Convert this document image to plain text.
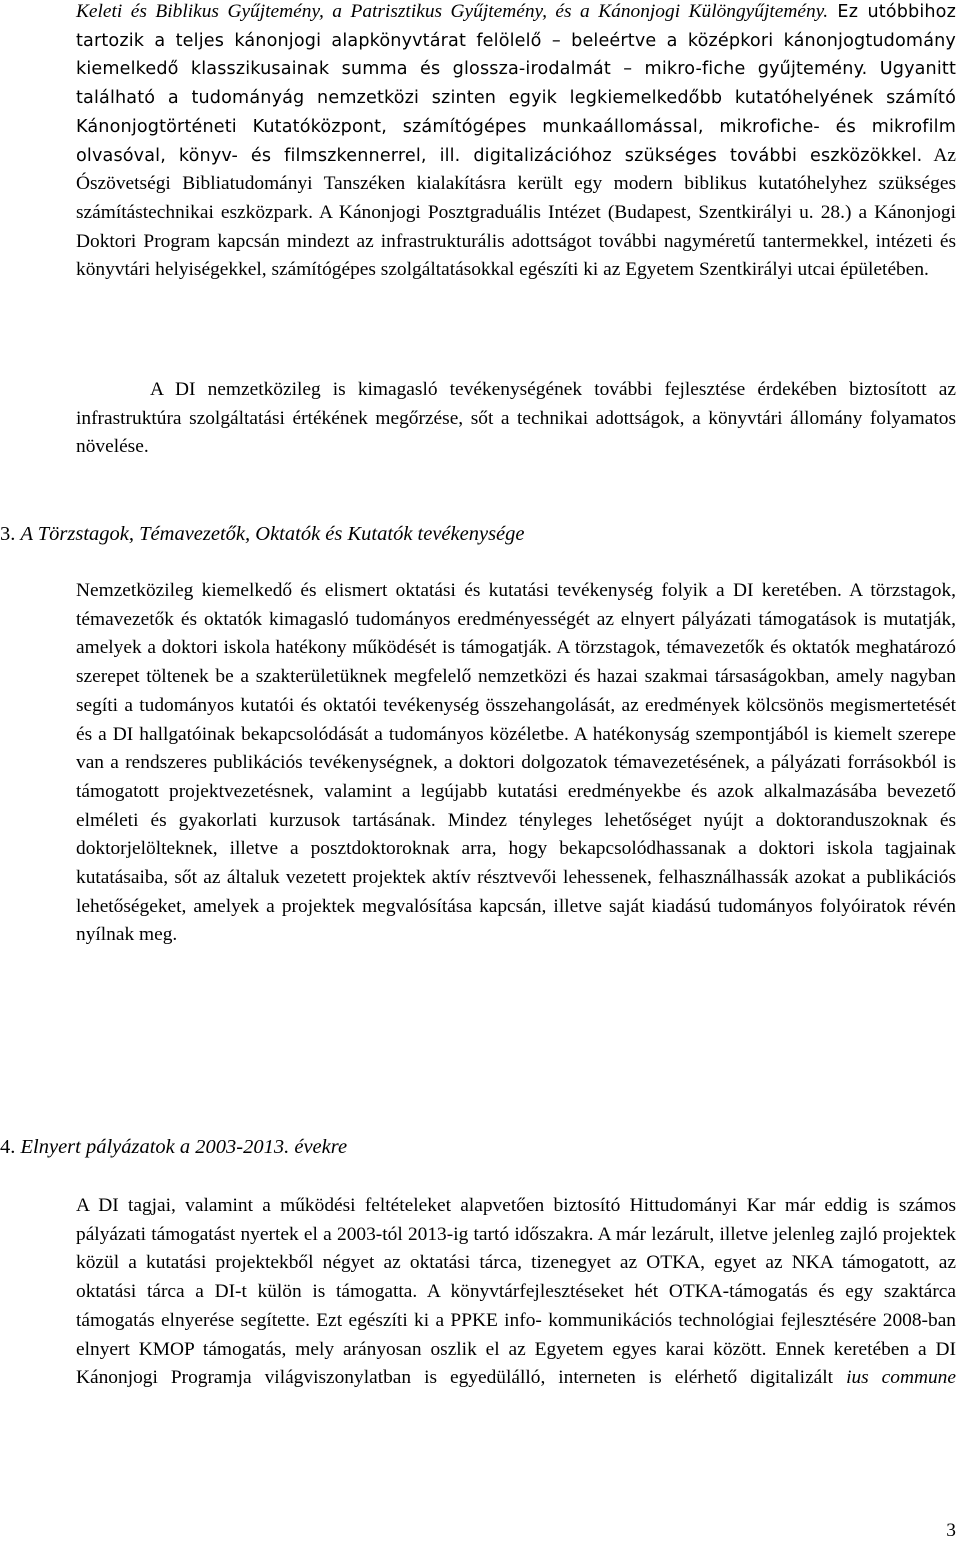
Keleti és Biblikus Gyűjtemény, a Patrisztikus Gyűjtemény, és a Kánonjogi Különgyűjtemény. Ez utóbbihoz tartozik a teljes kánonjogi alapkönyvtárat felölelő – beleértve a középkori kánonjogtudomány kiemelkedő klasszikusainak summa és glossza-irodalmát – mikro-fiche gyűjtemény. Ugyanitt található a tudományág nemzetközi szinten egyik legkiemelkedőbb kutatóhelyének számító Kánonjogtörténeti Kutatóközpont, számítógépes munkaállomással, mikrofiche- és mikrofilm olvasóval, könyv- és filmszkennerrel, ill. digitalizációhoz szükséges további eszközökkel. Az Ószövetségi Bibliatudományi Tanszéken kialakításra került egy modern biblikus kutatóhelyhez szükséges számítástechnikai eszközpark. A Kánonjogi Posztgraduális Intézet (Budapest, Szentkirályi u. 28.) a Kánonjogi Doktori Program kapcsán mindezt az infrastrukturális adottságot további nagyméretű tantermekkel, intézeti és könyvtári helyiségekkel, számítógépes szolgáltatásokkal egészíti ki az Egyetem Szentkirályi utcai épületében.

A DI nemzetközileg is kimagasló tevékenységének további fejlesztése érdekében biztosított az infrastruktúra szolgáltatási értékének megőrzése, sőt a technikai adottságok, a könyvtári állomány folyamatos növelése.

3. A Törzstagok, Témavezetők, Oktatók és Kutatók tevékenysége

Nemzetközileg kiemelkedő és elismert oktatási és kutatási tevékenység folyik a DI keretében. A törzstagok, témavezetők és oktatók kimagasló tudományos eredményességét az elnyert pályázati támogatások is mutatják, amelyek a doktori iskola hatékony működését is támogatják. A törzstagok, témavezetők és oktatók meghatározó szerepet töltenek be a szakterületüknek megfelelő nemzetközi és hazai szakmai társaságokban, amely nagyban segíti a tudományos kutatói és oktatói tevékenység összehangolását, az eredmények kölcsönös megismertetését és a DI hallgatóinak bekapcsolódását a tudományos közéletbe. A hatékonyság szempontjából is kiemelt szerepe van a rendszeres publikációs tevékenységnek, a doktori dolgozatok témavezetésének, a pályázati forrásokból is támogatott projektvezetésnek, valamint a legújabb kutatási eredményekbe és azok alkalmazásába bevezető elméleti és gyakorlati kurzusok tartásának. Mindez tényleges lehetőséget nyújt a doktoranduszoknak és doktorjelölteknek, illetve a posztdoktoroknak arra, hogy bekapcsolódhassanak a doktori iskola tagjainak kutatásaiba, sőt az általuk vezetett projektek aktív résztvevői lehessenek, felhasználhassák azokat a publikációs lehetőségeket, amelyek a projektek megvalósítása kapcsán, illetve saját kiadású tudományos folyóiratok révén nyílnak meg.

4. Elnyert pályázatok a 2003-2013. évekre

A DI tagjai, valamint a működési feltételeket alapvetően biztosító Hittudományi Kar már eddig is számos pályázati támogatást nyertek el a 2003-tól 2013-ig tartó időszakra. A már lezárult, illetve jelenleg zajló projektek közül a kutatási projektekből négyet az oktatási tárca, tizenegyet az OTKA, egyet az NKA támogatott, az oktatási tárca a DI-t külön is támogatta. A könyvtárfejlesztéseket hét OTKA-támogatás és egy szaktárca támogatás elnyerése segítette. Ezt egészíti ki a PPKE info- kommunikációs technológiai fejlesztésére 2008-ban elnyert KMOP támogatás, mely arányosan oszlik el az Egyetem egyes karai között. Ennek keretében a DI Kánonjogi Programja világviszonylatban is egyedülálló, interneten is elérhető digitalizált ius commune

3
